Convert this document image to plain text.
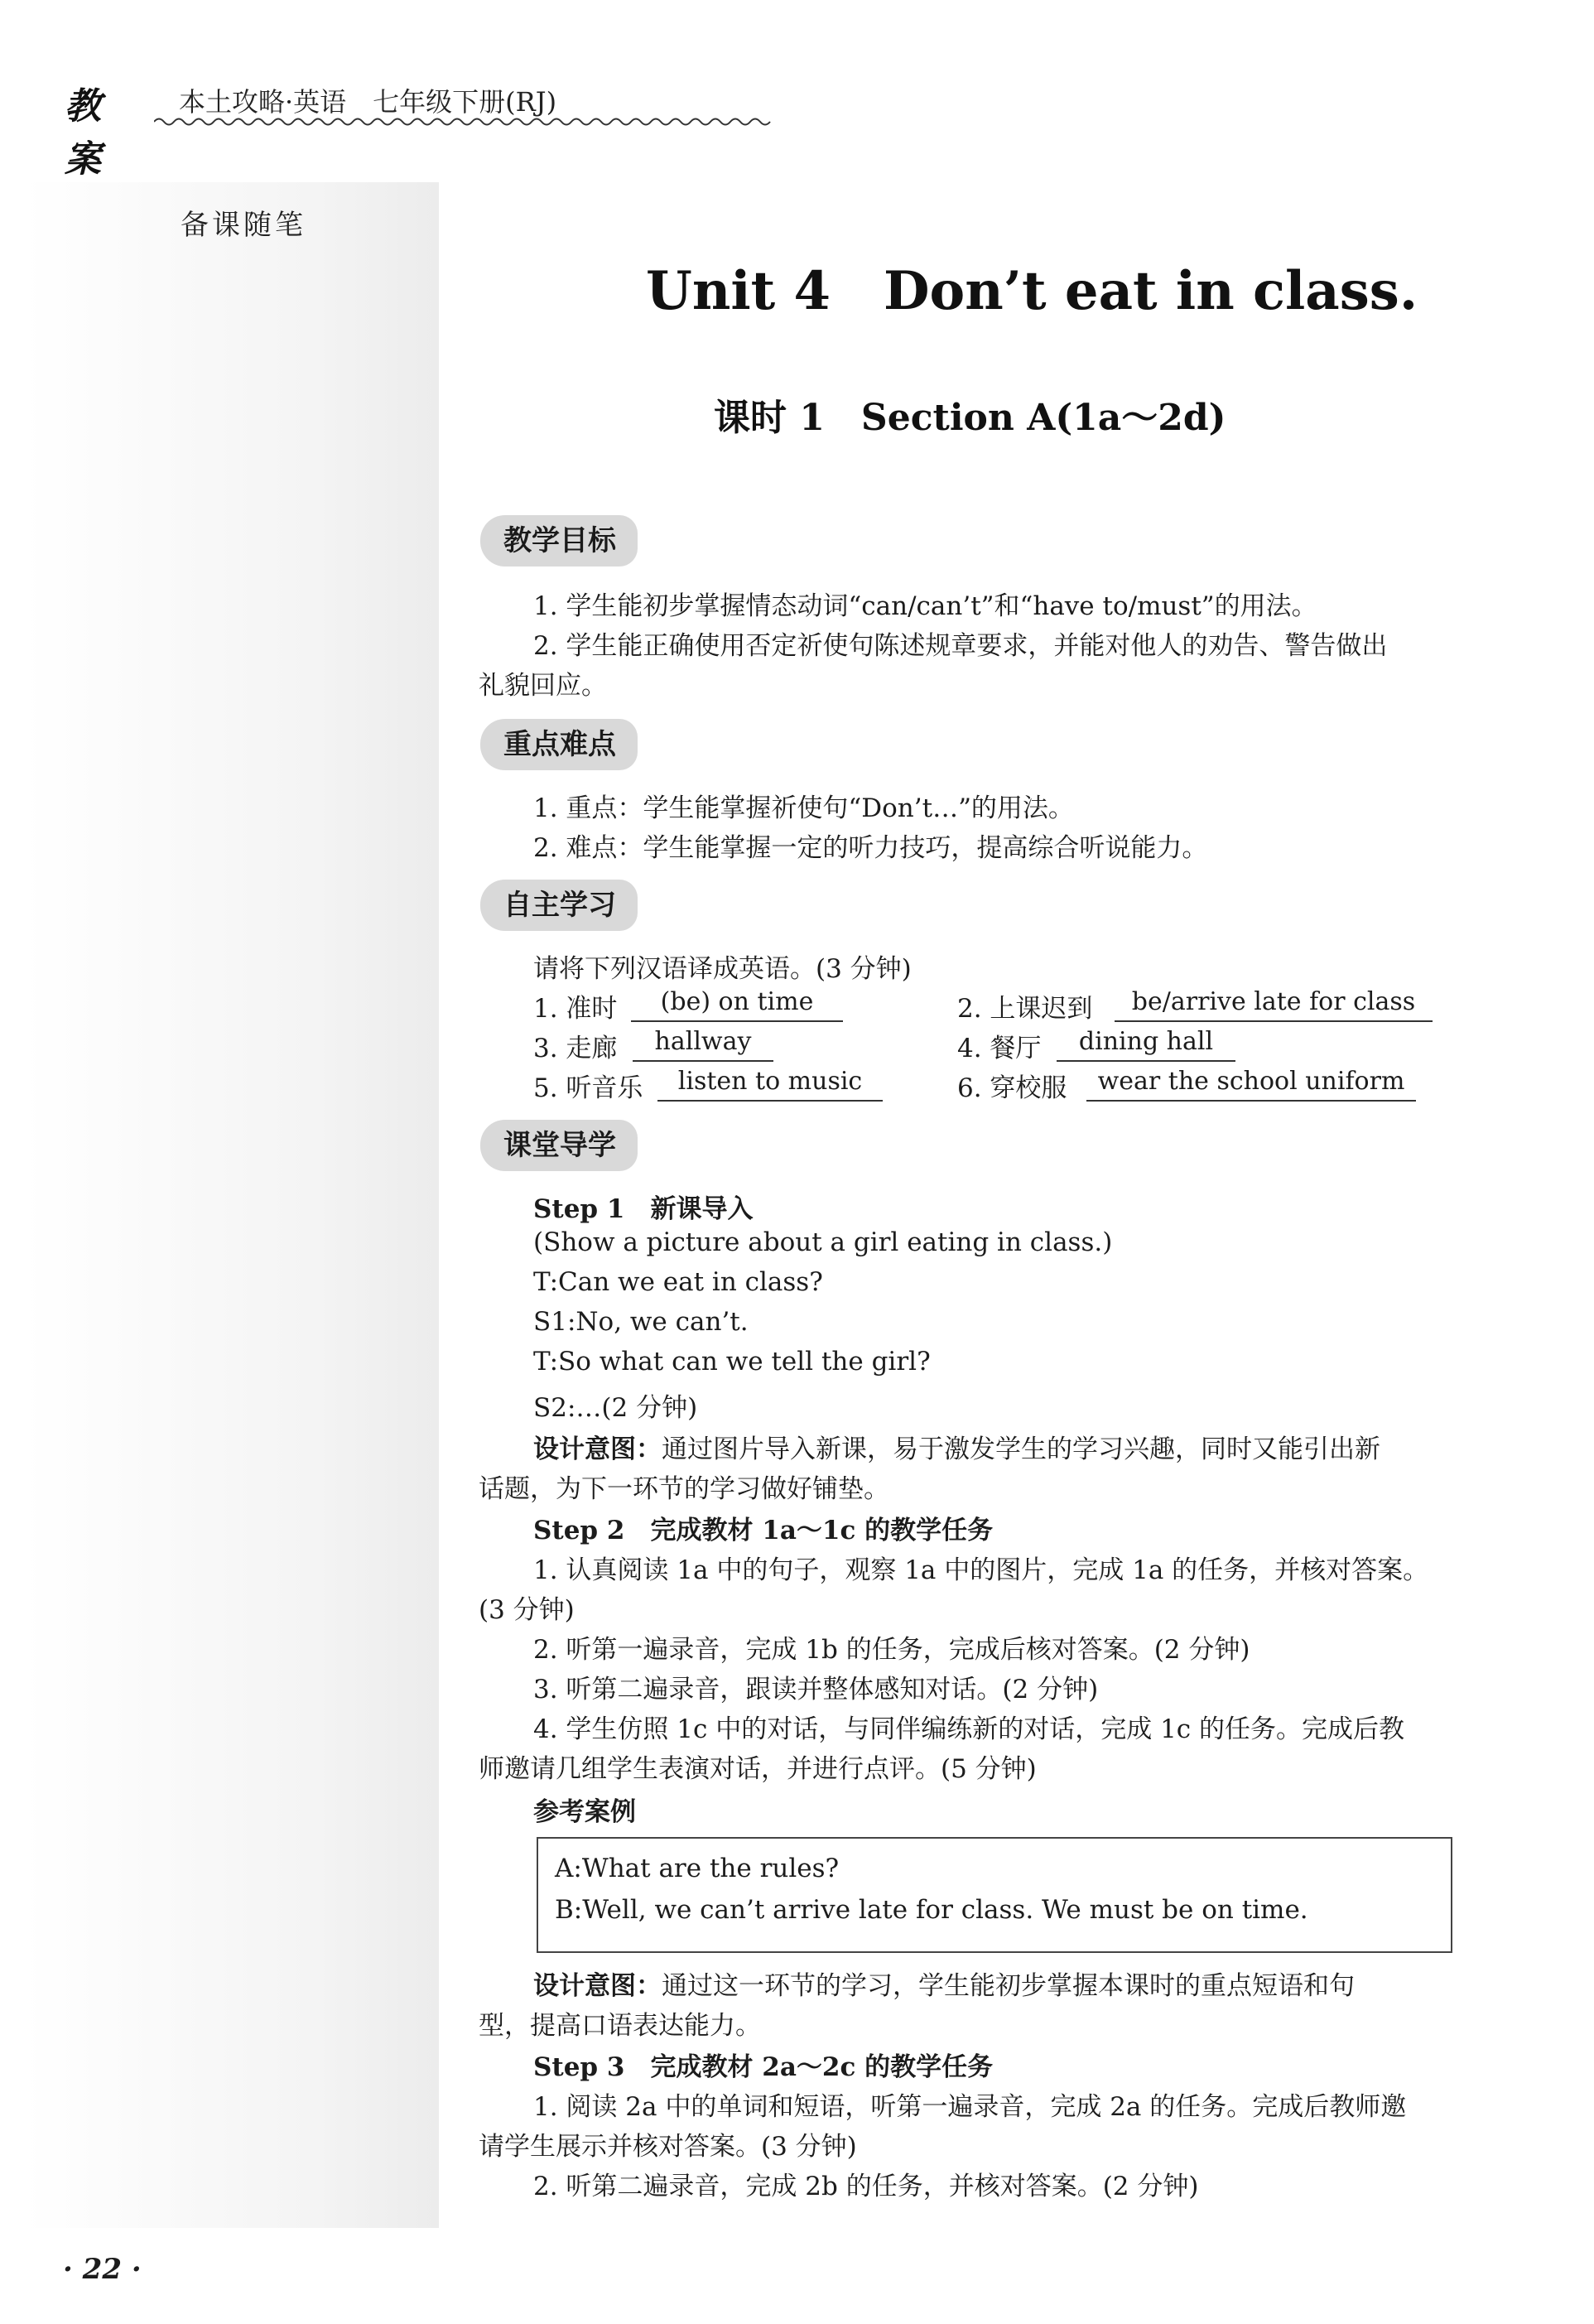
教案
本土攻略·英语　七年级下册(RJ)
备课随笔
Unit 4　Don’t eat in class.
课时 1　Section A(1a～2d)
教学目标
1. 学生能初步掌握情态动词“can/can’t”和“have to/must”的用法。
2. 学生能正确使用否定祈使句陈述规章要求，并能对他人的劝告、警告做出
礼貌回应。
重点难点
1. 重点：学生能掌握祈使句“Don’t…”的用法。
2. 难点：学生能掌握一定的听力技巧，提高综合听说能力。
自主学习
请将下列汉语译成英语。(3 分钟)
1. 准时	(be) on time	2. 上课迟到	be/arrive late for class
3. 走廊	hallway	4. 餐厅	dining hall
5. 听音乐	listen to music	6. 穿校服	wear the school uniform
课堂导学
Step 1　新课导入
(Show a picture about a girl eating in class.)
T:Can we eat in class?
S1:No, we can’t.
T:So what can we tell the girl?
S2:…(2 分钟)
设计意图：通过图片导入新课，易于激发学生的学习兴趣，同时又能引出新
话题，为下一环节的学习做好铺垫。
Step 2　完成教材 1a～1c 的教学任务
1. 认真阅读 1a 中的句子，观察 1a 中的图片，完成 1a 的任务，并核对答案。
(3 分钟)
2. 听第一遍录音，完成 1b 的任务，完成后核对答案。(2 分钟)
3. 听第二遍录音，跟读并整体感知对话。(2 分钟)
4. 学生仿照 1c 中的对话，与同伴编练新的对话，完成 1c 的任务。完成后教
师邀请几组学生表演对话，并进行点评。(5 分钟)
参考案例
A:What are the rules?
B:Well, we can’t arrive late for class. We must be on time.
设计意图：通过这一环节的学习，学生能初步掌握本课时的重点短语和句
型，提高口语表达能力。
Step 3　完成教材 2a～2c 的教学任务
1. 阅读 2a 中的单词和短语，听第一遍录音，完成 2a 的任务。完成后教师邀
请学生展示并核对答案。(3 分钟)
2. 听第二遍录音，完成 2b 的任务，并核对答案。(2 分钟)
· 22 ·
